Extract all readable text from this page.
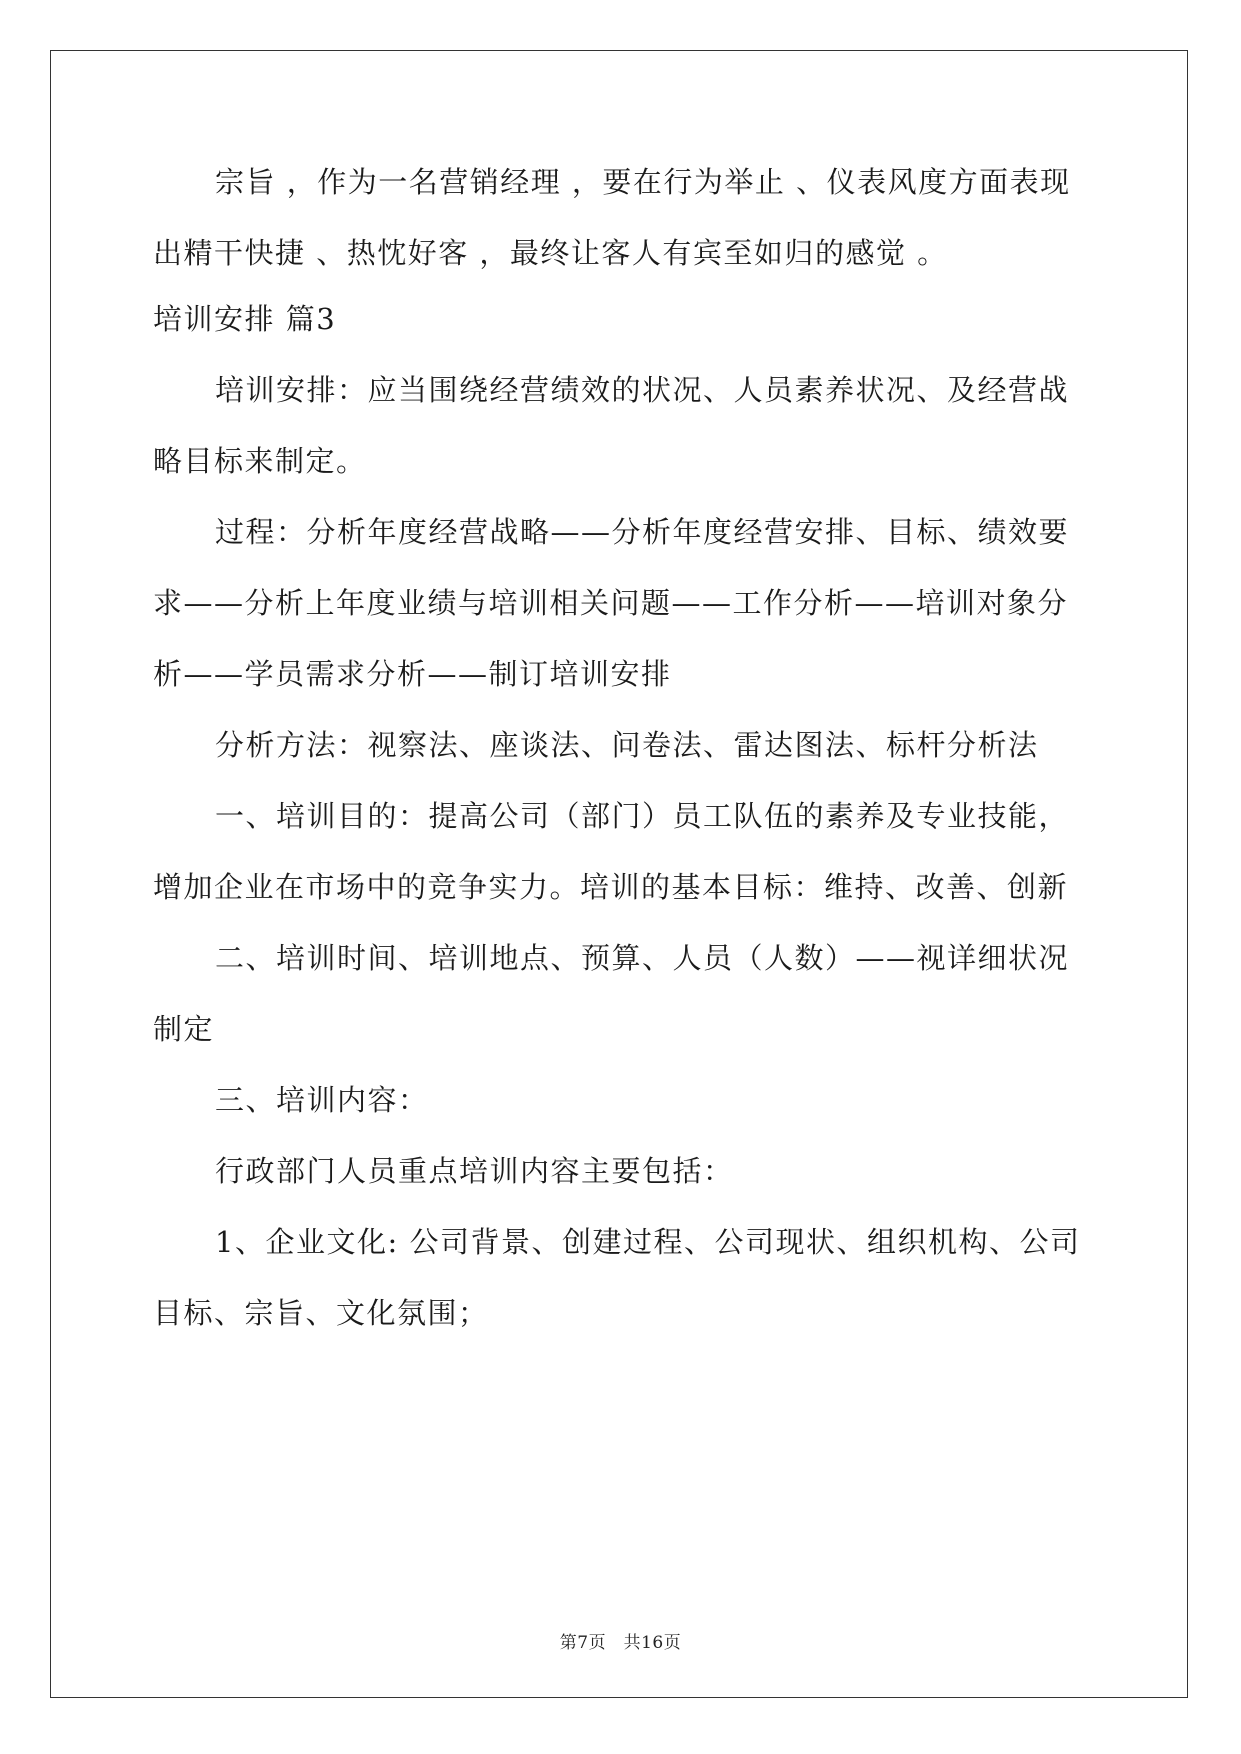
宗旨 ，作为一名营销经理 ，要在行为举止 、仪表风度方面表现
出精干快捷 、热忱好客 ，最终让客人有宾至如归的感觉 。
培训安排 篇3
培训安排：应当围绕经营绩效的状况、人员素养状况、及经营战
略目标来制定。
过程：分析年度经营战略——分析年度经营安排、目标、绩效要
求——分析上年度业绩与培训相关问题——工作分析——培训对象分
析——学员需求分析——制订培训安排
分析方法：视察法、座谈法、问卷法、雷达图法、标杆分析法
一、培训目的：提高公司（部门）员工队伍的素养及专业技能，
增加企业在市场中的竞争实力。培训的基本目标：维持、改善、创新
二、培训时间、培训地点、预算、人员（人数）——视详细状况
制定
三、培训内容：
行政部门人员重点培训内容主要包括：
1、企业文化: 公司背景、创建过程、公司现状、组织机构、公司
目标、宗旨、文化氛围；
第7页　共16页
